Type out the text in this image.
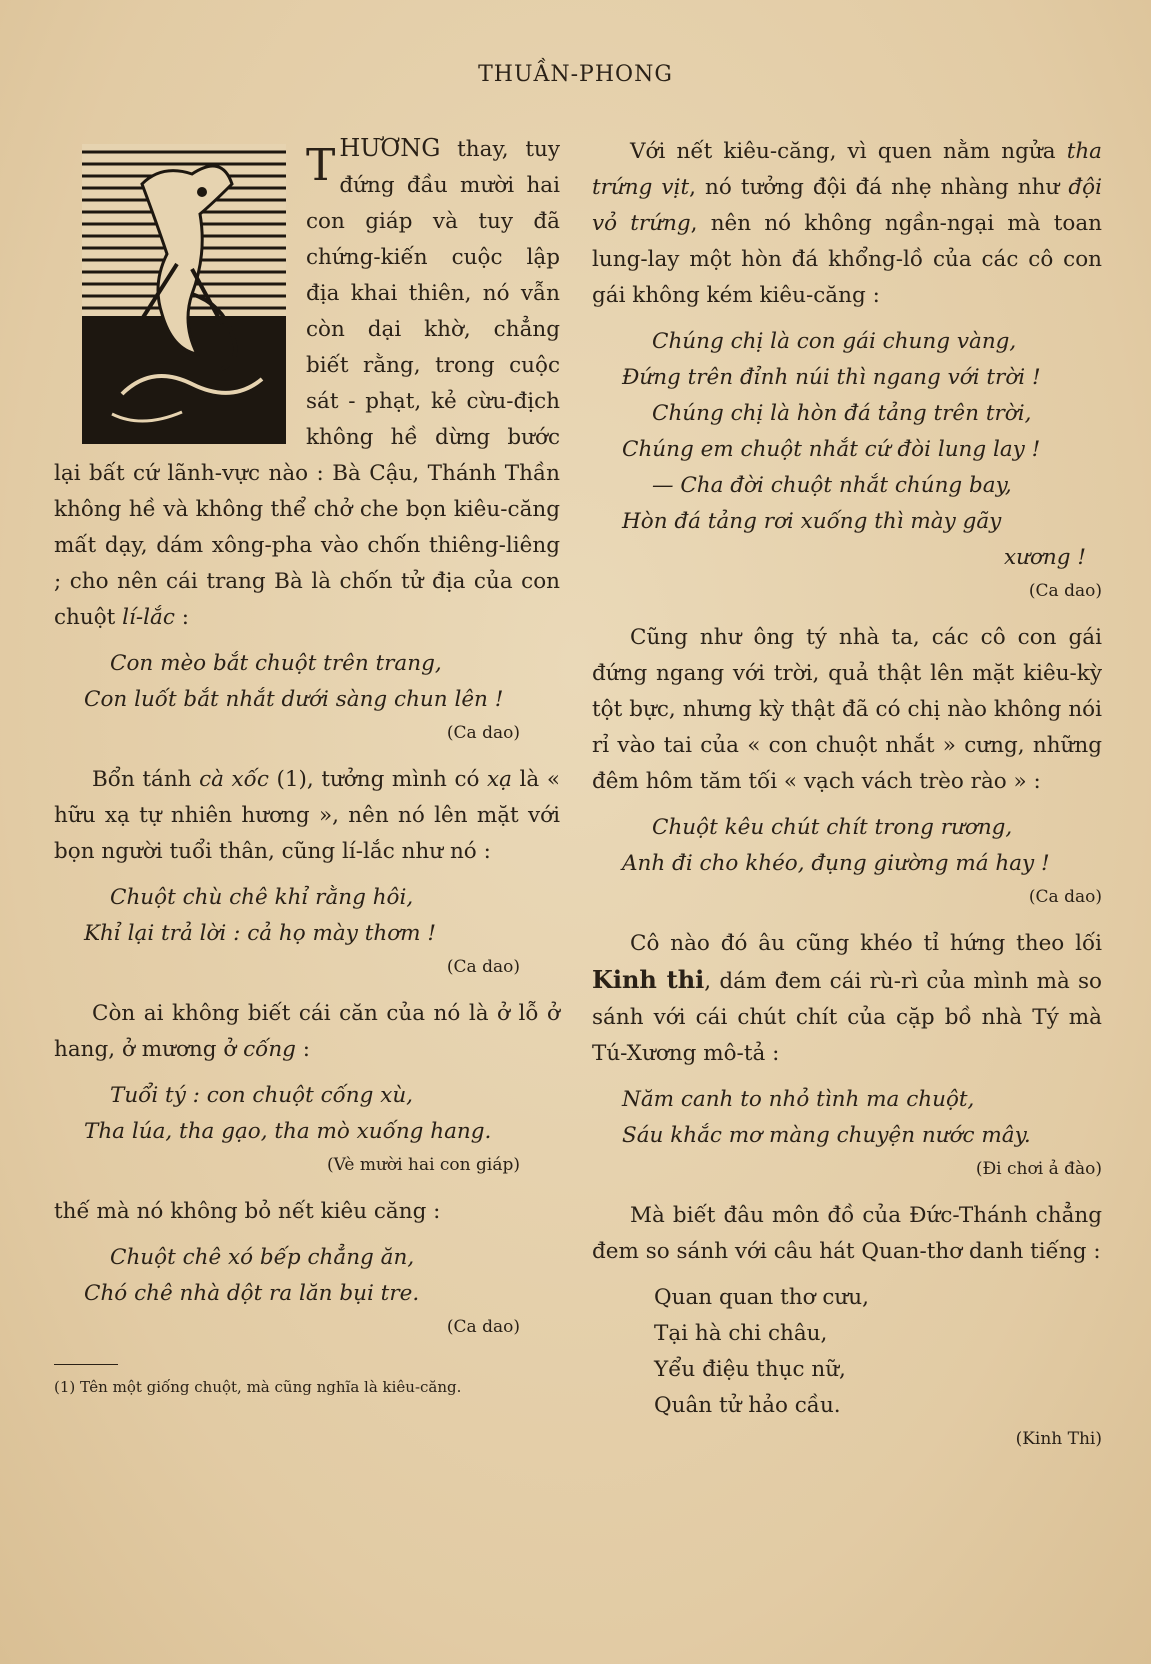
THUẦN-PHONG

THƯƠNG thay, tuy đứng đầu mười hai con giáp và tuy đã chứng-kiến cuộc lập địa khai thiên, nó vẫn còn dại khờ, chẳng biết rằng, trong cuộc sát - phạt, kẻ cừu-địch không hề dừng bước lại bất cứ lãnh-vực nào : Bà Cậu, Thánh Thần không hề và không thể chở che bọn kiêu-căng mất dạy, dám xông-pha vào chốn thiêng-liêng ; cho nên cái trang Bà là chốn tử địa của con chuột lí-lắc :

Con mèo bắt chuột trên trang,
Con luốt bắt nhắt dưới sàng chun lên !
(Ca dao)

Bổn tánh cà xốc (1), tưởng mình có xạ là « hữu xạ tự nhiên hương », nên nó lên mặt với bọn người tuổi thân, cũng lí-lắc như nó :

Chuột chù chê khỉ rằng hôi,
Khỉ lại trả lời : cả họ mày thơm !
(Ca dao)

Còn ai không biết cái căn của nó là ở lỗ ở hang, ở mương ở cống :

Tuổi tý : con chuột cống xù,
Tha lúa, tha gạo, tha mò xuống hang.
(Vè mười hai con giáp)

thế mà nó không bỏ nết kiêu căng :

Chuột chê xó bếp chẳng ăn,
Chó chê nhà dột ra lăn bụi tre.
(Ca dao)
(1) Tên một giống chuột, mà cũng nghĩa là kiêu-căng.

Với nết kiêu-căng, vì quen nằm ngửa tha trứng vịt, nó tưởng đội đá nhẹ nhàng như đội vỏ trứng, nên nó không ngần-ngại mà toan lung-lay một hòn đá khổng-lồ của các cô con gái không kém kiêu-căng :

Chúng chị là con gái chung vàng,
Đứng trên đỉnh núi thì ngang với trời !
Chúng chị là hòn đá tảng trên trời,
Chúng em chuột nhắt cứ đòi lung lay !
— Cha đời chuột nhắt chúng bay,
Hòn đá tảng rơi xuống thì mày gãy
xương !
(Ca dao)

Cũng như ông tý nhà ta, các cô con gái đứng ngang với trời, quả thật lên mặt kiêu-kỳ tột bực, nhưng kỳ thật đã có chị nào không nói rỉ vào tai của « con chuột nhắt » cưng, những đêm hôm tăm tối « vạch vách trèo rào » :

Chuột kêu chút chít trong rương,
Anh đi cho khéo, đụng giường má hay !
(Ca dao)

Cô nào đó âu cũng khéo tỉ hứng theo lối Kinh thi, dám đem cái rù-rì của mình mà so sánh với cái chút chít của cặp bồ nhà Tý mà Tú-Xương mô-tả :

Năm canh to nhỏ tình ma chuột,
Sáu khắc mơ màng chuyện nước mây.
(Đi chơi ả đào)

Mà biết đâu môn đồ của Đức-Thánh chẳng đem so sánh với câu hát Quan-thơ danh tiếng :

Quan quan thơ cưu,
Tại hà chi châu,
Yểu điệu thục nữ,
Quân tử hảo cầu.
(Kinh Thi)
